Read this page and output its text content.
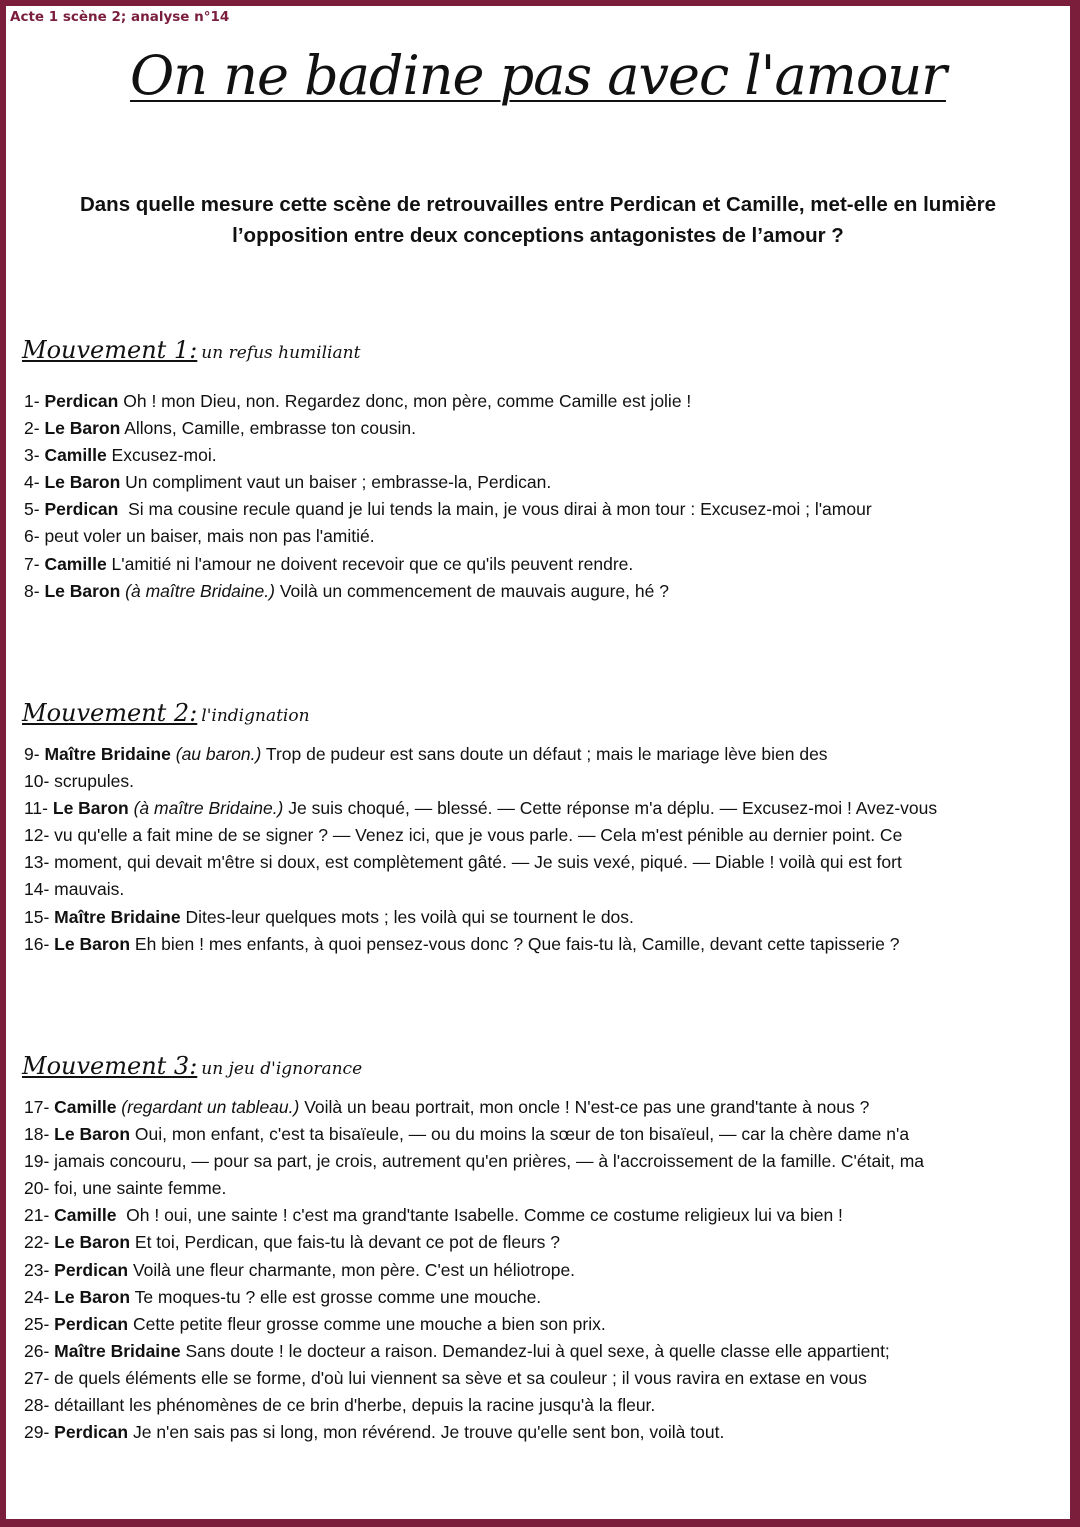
Acte 1 scène 2; analyse n°14
On ne badine pas avec l'amour
Dans quelle mesure cette scène de retrouvailles entre Perdican et Camille, met-elle en lumière l’opposition entre deux conceptions antagonistes de l’amour ?
Mouvement 1: un refus humiliant
1- Perdican Oh ! mon Dieu, non. Regardez donc, mon père, comme Camille est jolie !
2- Le Baron Allons, Camille, embrasse ton cousin.
3- Camille Excusez-moi.
4- Le Baron Un compliment vaut un baiser ; embrasse-la, Perdican.
5- Perdican  Si ma cousine recule quand je lui tends la main, je vous dirai à mon tour : Excusez-moi ; l'amour
6- peut voler un baiser, mais non pas l'amitié.
7- Camille L'amitié ni l'amour ne doivent recevoir que ce qu'ils peuvent rendre.
8- Le Baron (à maître Bridaine.) Voilà un commencement de mauvais augure, hé ?
Mouvement 2: l'indignation
9- Maître Bridaine (au baron.) Trop de pudeur est sans doute un défaut ; mais le mariage lève bien des
10- scrupules.
11- Le Baron (à maître Bridaine.) Je suis choqué, — blessé. — Cette réponse m'a déplu. — Excusez-moi ! Avez-vous
12- vu qu'elle a fait mine de se signer ? — Venez ici, que je vous parle. — Cela m'est pénible au dernier point. Ce
13- moment, qui devait m'être si doux, est complètement gâté. — Je suis vexé, piqué. — Diable ! voilà qui est fort
14- mauvais.
15- Maître Bridaine Dites-leur quelques mots ; les voilà qui se tournent le dos.
16- Le Baron Eh bien ! mes enfants, à quoi pensez-vous donc ? Que fais-tu là, Camille, devant cette tapisserie ?
Mouvement 3: un jeu d'ignorance
17- Camille (regardant un tableau.) Voilà un beau portrait, mon oncle ! N'est-ce pas une grand'tante à nous ?
18- Le Baron Oui, mon enfant, c'est ta bisaïeule, — ou du moins la sœur de ton bisaïeul, — car la chère dame n'a
19- jamais concouru, — pour sa part, je crois, autrement qu'en prières, — à l'accroissement de la famille. C'était, ma
20- foi, une sainte femme.
21- Camille  Oh ! oui, une sainte ! c'est ma grand'tante Isabelle. Comme ce costume religieux lui va bien !
22- Le Baron Et toi, Perdican, que fais-tu là devant ce pot de fleurs ?
23- Perdican Voilà une fleur charmante, mon père. C'est un héliotrope.
24- Le Baron Te moques-tu ? elle est grosse comme une mouche.
25- Perdican Cette petite fleur grosse comme une mouche a bien son prix.
26- Maître Bridaine Sans doute ! le docteur a raison. Demandez-lui à quel sexe, à quelle classe elle appartient;
27- de quels éléments elle se forme, d'où lui viennent sa sève et sa couleur ; il vous ravira en extase en vous
28- détaillant les phénomènes de ce brin d'herbe, depuis la racine jusqu'à la fleur.
29- Perdican Je n'en sais pas si long, mon révérend. Je trouve qu'elle sent bon, voilà tout.
